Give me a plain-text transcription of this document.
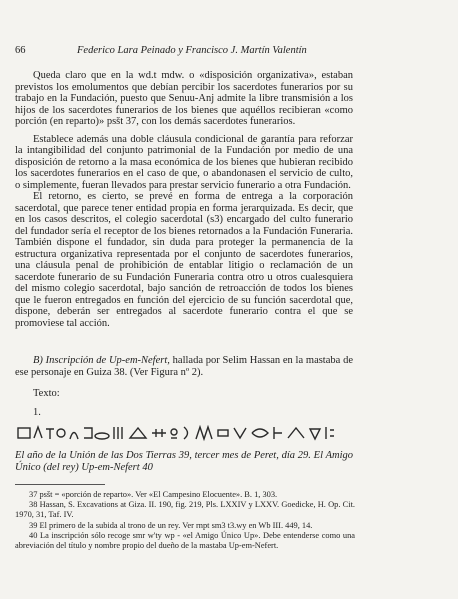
66	Federico Lara Peinado y Francisco J. Martín Valentín

Queda claro que en la wd.t mdw. o «disposición organizativa», estaban previstos los emolumentos que debían percibir los sacerdotes funerarios por su trabajo en la Fundación, puesto que Senuu-Anj admite la libre transmisión a los hijos de los sacerdotes funerarios de los bienes que aquéllos recibieran «como porción (en reparto)» psšt 37, con los demás sacerdotes funerarios.

Establece además una doble cláusula condicional de garantía para reforzar la intangibilidad del conjunto patrimonial de la Fundación por medio de una disposición de retorno a la masa económica de los bienes que hubieran recibido los sacerdotes funerarios en el caso de que, o abandonasen el servicio de culto, o simplemente, fueran llevados para prestar servicio funerario a otra Fundación.

El retorno, es cierto, se prevé en forma de entrega a la corporación sacerdotal, que parece tener entidad propia en forma jerarquizada. Es decir, que en los casos descritos, el colegio sacerdotal (s3) encargado del culto funerario del fundador sería el receptor de los bienes retornados a la Fundación Funeraria. También dispone el fundador, sin duda para proteger la permanencia de la estructura organizativa representada por el conjunto de sacerdotes funerarios, una cláusula penal de prohibición de entablar litigio o reclamación de un sacerdote funerario de su Fundación Funeraria contra otro u otros cualesquiera del mismo colegio sacerdotal, bajo sanción de retroacción de todos los bienes que le fueron entregados en función del ejercicio de su función sacerdotal que, dispone, deberán ser entregados al sacerdote funerario contra el que se promoviese tal acción.

B) Inscripción de Up-em-Nefert, hallada por Selim Hassan en la mastaba de ese personaje en Guiza 38. (Ver Figura nº 2).
Texto:
1.
El año de la Unión de las Dos Tierras 39, tercer mes de Peret, día 29. El Amigo Único (del rey) Up-em-Nefert 40

37 psšt = «porción de reparto». Ver «El Campesino Elocuente». B. 1, 303.

38 Hassan, S. Excavations at Giza. II. 190, fig. 219, Pls. LXXIV y LXXV. Goedicke, H. Op. Cit. 1970, 31, Taf. IV.

39 El primero de la subida al trono de un rey. Ver rnpt sm3 t3.wy en Wb III. 449, 14.

40 La inscripción sólo recoge smr w'ty wp - «el Amigo Único Up». Debe entenderse como una abreviación del título y nombre propio del dueño de la mastaba Up-em-Nefert.
